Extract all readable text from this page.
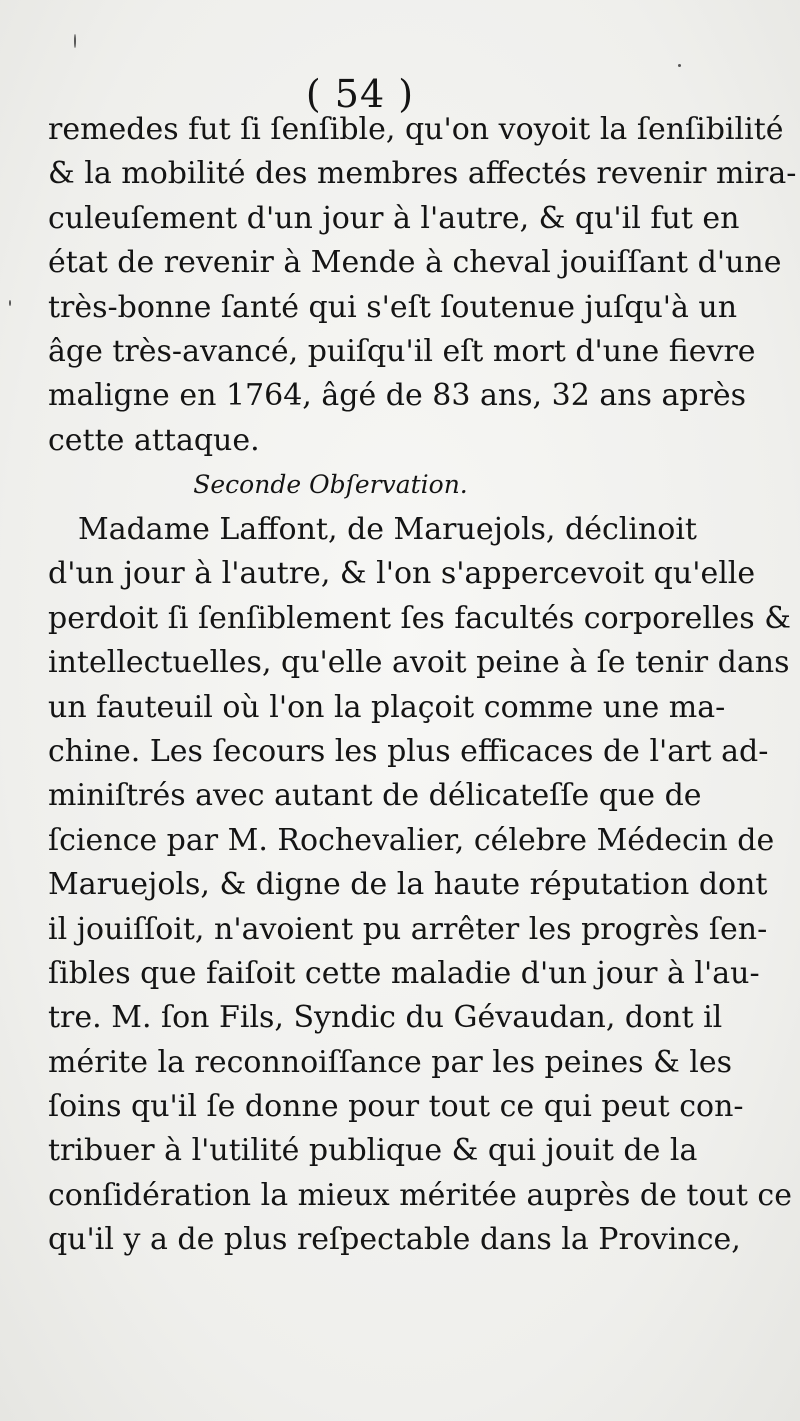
( 54 )
remedes fut ſi ſenſible, qu'on voyoit la ſenſibilité
& la mobilité des membres affectés revenir mira-
culeuſement d'un jour à l'autre, & qu'il fut en
état de revenir à Mende à cheval jouiſſant d'une
très-bonne ſanté qui s'eſt ſoutenue juſqu'à un
âge très-avancé, puiſqu'il eſt mort d'une fievre
maligne en 1764, âgé de 83 ans, 32 ans après
cette attaque.
Seconde Obſervation.
Madame Laffont, de Maruejols, déclinoit
d'un jour à l'autre, & l'on s'appercevoit qu'elle
perdoit ſi ſenſiblement ſes facultés corporelles &
intellectuelles, qu'elle avoit peine à ſe tenir dans
un fauteuil où l'on la plaçoit comme une ma-
chine. Les ſecours les plus efficaces de l'art ad-
miniſtrés avec autant de délicateſſe que de
ſcience par M. Rochevalier, célebre Médecin de
Maruejols, & digne de la haute réputation dont
il jouiſſoit, n'avoient pu arrêter les progrès ſen-
ſibles que faiſoit cette maladie d'un jour à l'au-
tre. M. ſon Fils, Syndic du Gévaudan, dont il
mérite la reconnoiſſance par les peines & les
ſoins qu'il ſe donne pour tout ce qui peut con-
tribuer à l'utilité publique & qui jouit de la
conſidération la mieux méritée auprès de tout ce
qu'il y a de plus reſpectable dans la Province,
